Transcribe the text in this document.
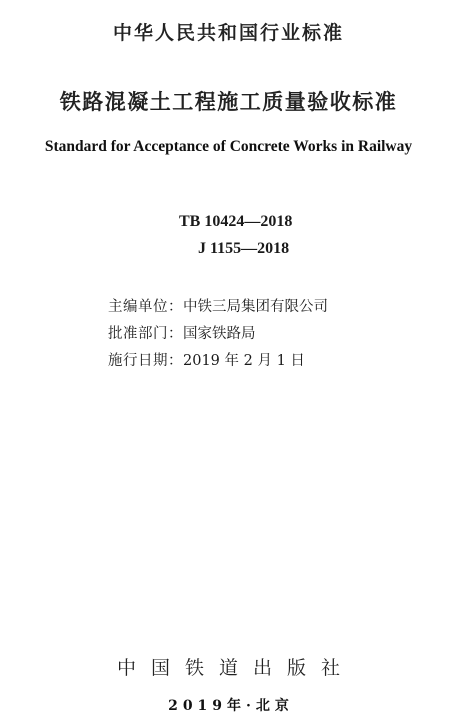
中华人民共和国行业标准
铁路混凝土工程施工质量验收标准
Standard for Acceptance of Concrete Works in Railway
TB 10424—2018
J 1155—2018
主编单位：中铁三局集团有限公司
批准部门：国家铁路局
施行日期：2019 年 2 月 1 日
中国铁道出版社
2019年·北京
